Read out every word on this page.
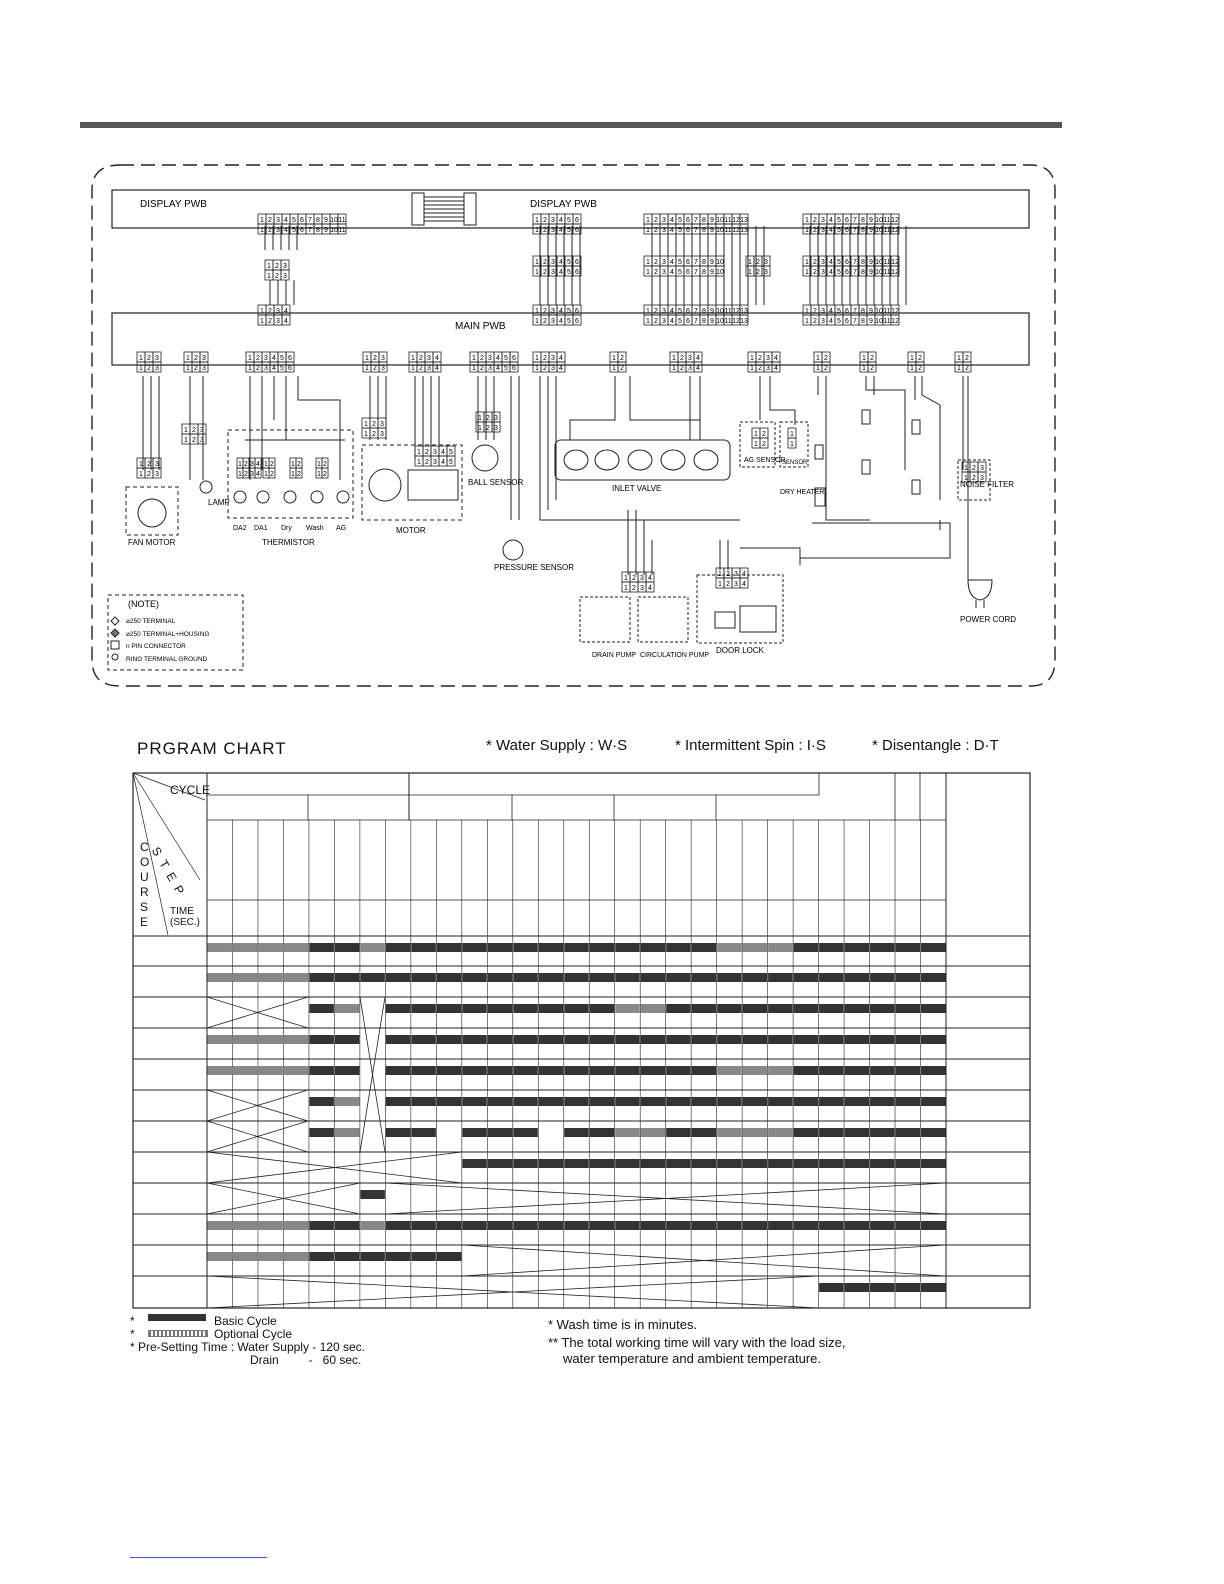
DISPLAY PWB	DISPLAY PWB
MAIN PWB
1 2 3 4 5 6 7 8 9 10 11
1 2 3 4 5 6 7 8 9 10 11
1 2 3 4 5 6
1 2 3 4 5 6
1 2 3 4 5 6 7 8 9 10 11 12 13
1 2 3 4 5 6 7 8 9 10 11 12 13
1 2 3 4 5 6 7 8 9 10 11 12
1 2 3 4 5 6 7 8 9 10 11 12
1 2 3
1 2 3
1 2 3 4 5 6
1 2 3 4 5 6
1 2 3 4 5 6 7 8 9 10
1 2 3 4 5 6 7 8 9 10
1 2 3
1 2 3
1 2 3 4 5 6 7 8 9 10 11 12
1 2 3 4 5 6 7 8 9 10 11 12
1 2 3 4
1 2 3 4
1 2 3 4 5 6
1 2 3 4 5 6
1 2 3 4 5 6 7 8 9 10 11 12 13
1 2 3 4 5 6 7 8 9 10 11 12 13
1 2 3 4 5 6 7 8 9 10 11 12
1 2 3 4 5 6 7 8 9 10 11 12
1 2 3
1 2 3
1 2 3
1 2 3
1 2 3 4 5 6
1 2 3 4 5 6
1 2 3
1 2 3
1 2 3 4
1 2 3 4
1 2 3 4 5 6
1 2 3 4 5 6
1 2 3 4
1 2 3 4
1 2
1 2
1 2 3 4
1 2 3 4
1 2 3 4
1 2 3 4
1 2
1 2
1 2
1 2
1 2
1 2
1 2
1 2
1 2 3
1 2 3
1 2 3
1 2 3
1 2 3 4
1 2 3 4
1 2
1 2
1 2
1 2
1 2
1 2
1 2 3
1 2 3
1 2 3 4 5
1 2 3 4 5
1 2 3
1 2 3
1 2
1 2
1
1
1 2 3
1 2 3
1 2 3 4
1 2 3 4
1 2 3 4
1 2 3 4
FAN MOTOR
LAMP
THERMISTOR
DA2 DA1 Dry Wash AG	MOTOR
BALL SENSOR
PRESSURE SENSOR
INLET VALVE
AG SENSOR
SENSOR
DRY HEATER
NOISE FILTER
POWER CORD
DRAIN PUMP CIRCULATION PUMP
DOOR LOCK
(NOTE)
⌀250 TERMINAL
⌀250 TERMINAL+HOUSING
n PIN CONNECTOR
RING TERMINAL GROUND
PRGRAM CHART	* Water Supply : W·S	* Intermittent Spin : I·S	* Disentangle : D·T
CYCLE
STEP
COURSE
TIME (SEC.)
Basic Cycle
Optional Cycle
* Pre-Setting Time : Water Supply - 120 sec.
Drain         -   60 sec.
*
*
* Wash time is in minutes.
** The total working time will vary with the load size,
water temperature and ambient temperature.
